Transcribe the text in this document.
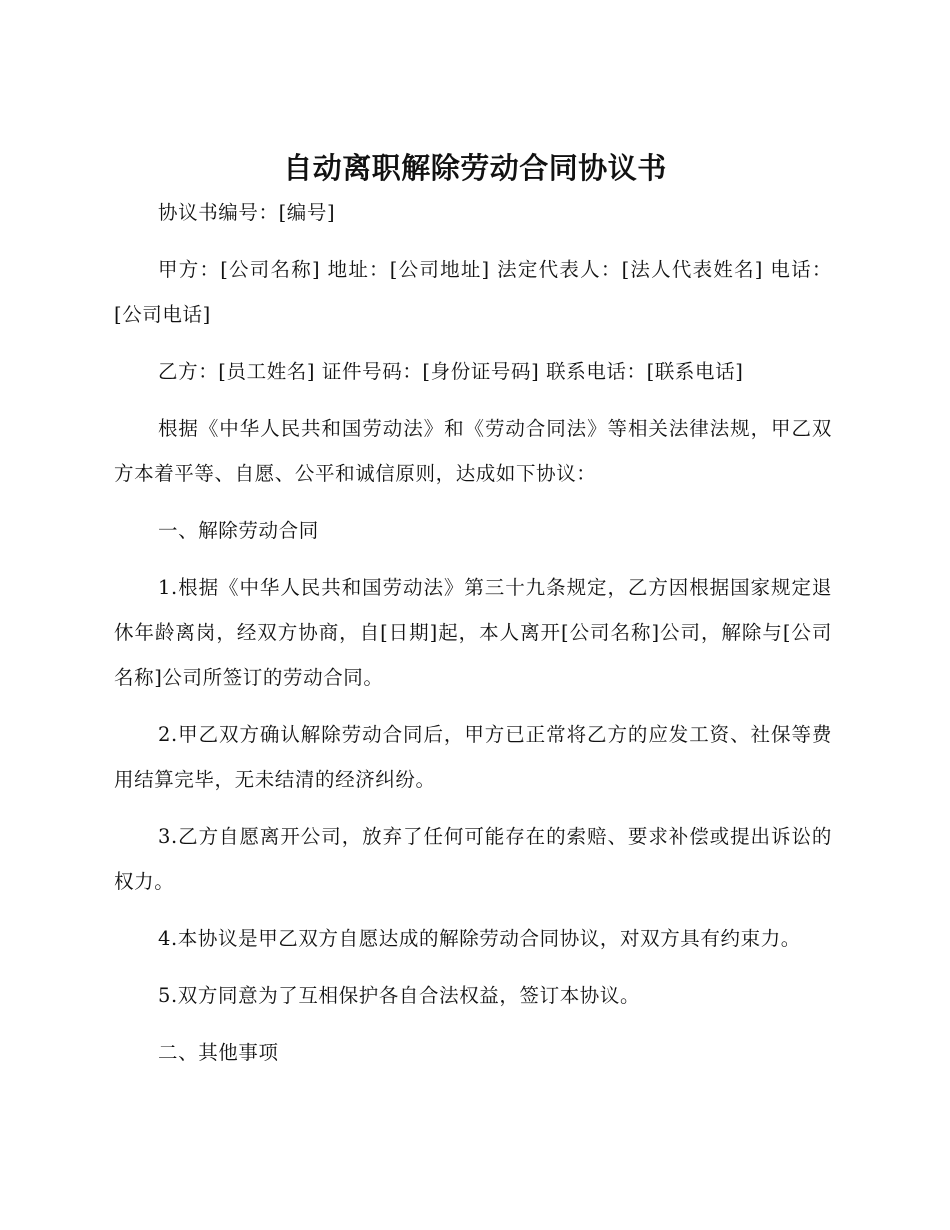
自动离职解除劳动合同协议书

协议书编号：[编号]

甲方：[公司名称] 地址：[公司地址] 法定代表人：[法人代表姓名] 电话：[公司电话]

乙方：[员工姓名] 证件号码：[身份证号码] 联系电话：[联系电话]

根据《中华人民共和国劳动法》和《劳动合同法》等相关法律法规，甲乙双方本着平等、自愿、公平和诚信原则，达成如下协议：

一、解除劳动合同

1.根据《中华人民共和国劳动法》第三十九条规定，乙方因根据国家规定退休年龄离岗，经双方协商，自[日期]起，本人离开[公司名称]公司，解除与[公司名称]公司所签订的劳动合同。

2.甲乙双方确认解除劳动合同后，甲方已正常将乙方的应发工资、社保等费用结算完毕，无未结清的经济纠纷。

3.乙方自愿离开公司，放弃了任何可能存在的索赔、要求补偿或提出诉讼的权力。

4.本协议是甲乙双方自愿达成的解除劳动合同协议，对双方具有约束力。

5.双方同意为了互相保护各自合法权益，签订本协议。

二、其他事项
